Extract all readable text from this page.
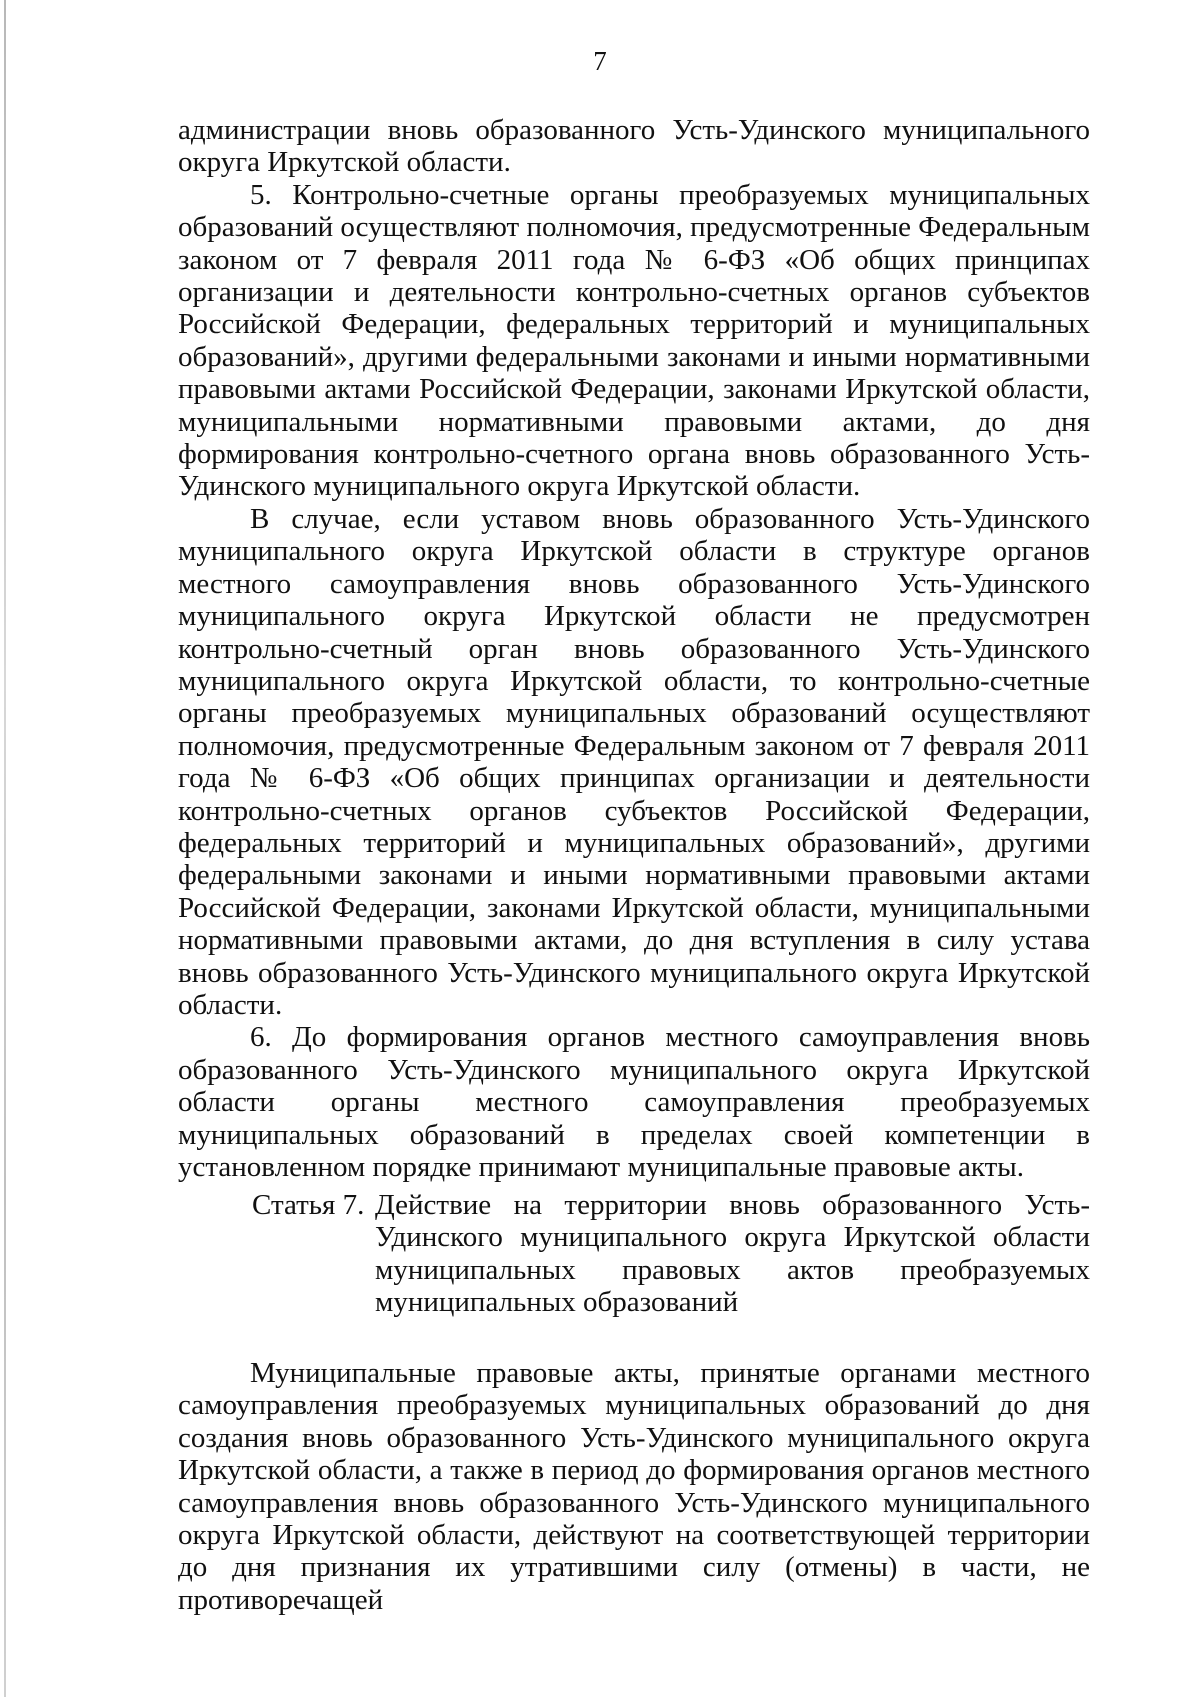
7

администрации вновь образованного Усть-Удинского муниципального округа Иркутской области.

5. Контрольно-счетные органы преобразуемых муниципальных образований осуществляют полномочия, предусмотренные Федеральным законом от 7 февраля 2011 года № 6-ФЗ «Об общих принципах организации и деятельности контрольно-счетных органов субъектов Российской Федерации, федеральных территорий и муниципальных образований», другими федеральными законами и иными нормативными правовыми актами Российской Федерации, законами Иркутской области, муниципальными нормативными правовыми актами, до дня формирования контрольно-счетного органа вновь образованного Усть-Удинского муниципального округа Иркутской области.

В случае, если уставом вновь образованного Усть-Удинского муниципального округа Иркутской области в структуре органов местного самоуправления вновь образованного Усть-Удинского муниципального округа Иркутской области не предусмотрен контрольно-счетный орган вновь образованного Усть-Удинского муниципального округа Иркутской области, то контрольно-счетные органы преобразуемых муниципальных образований осуществляют полномочия, предусмотренные Федеральным законом от 7 февраля 2011 года № 6-ФЗ «Об общих принципах организации и деятельности контрольно-счетных органов субъектов Российской Федерации, федеральных территорий и муниципальных образований», другими федеральными законами и иными нормативными правовыми актами Российской Федерации, законами Иркутской области, муниципальными нормативными правовыми актами, до дня вступления в силу устава вновь образованного Усть-Удинского муниципального округа Иркутской области.

6. До формирования органов местного самоуправления вновь образованного Усть-Удинского муниципального округа Иркутской области органы местного самоуправления преобразуемых муниципальных образований в пределах своей компетенции в установленном порядке принимают муниципальные правовые акты.

Статья 7. Действие на территории вновь образованного Усть-Удинского муниципального округа Иркутской области муниципальных правовых актов преобразуемых муниципальных образований

Муниципальные правовые акты, принятые органами местного самоуправления преобразуемых муниципальных образований до дня создания вновь образованного Усть-Удинского муниципального округа Иркутской области, а также в период до формирования органов местного самоуправления вновь образованного Усть-Удинского муниципального округа Иркутской области, действуют на соответствующей территории до дня признания их утратившими силу (отмены) в части, не противоречащей
